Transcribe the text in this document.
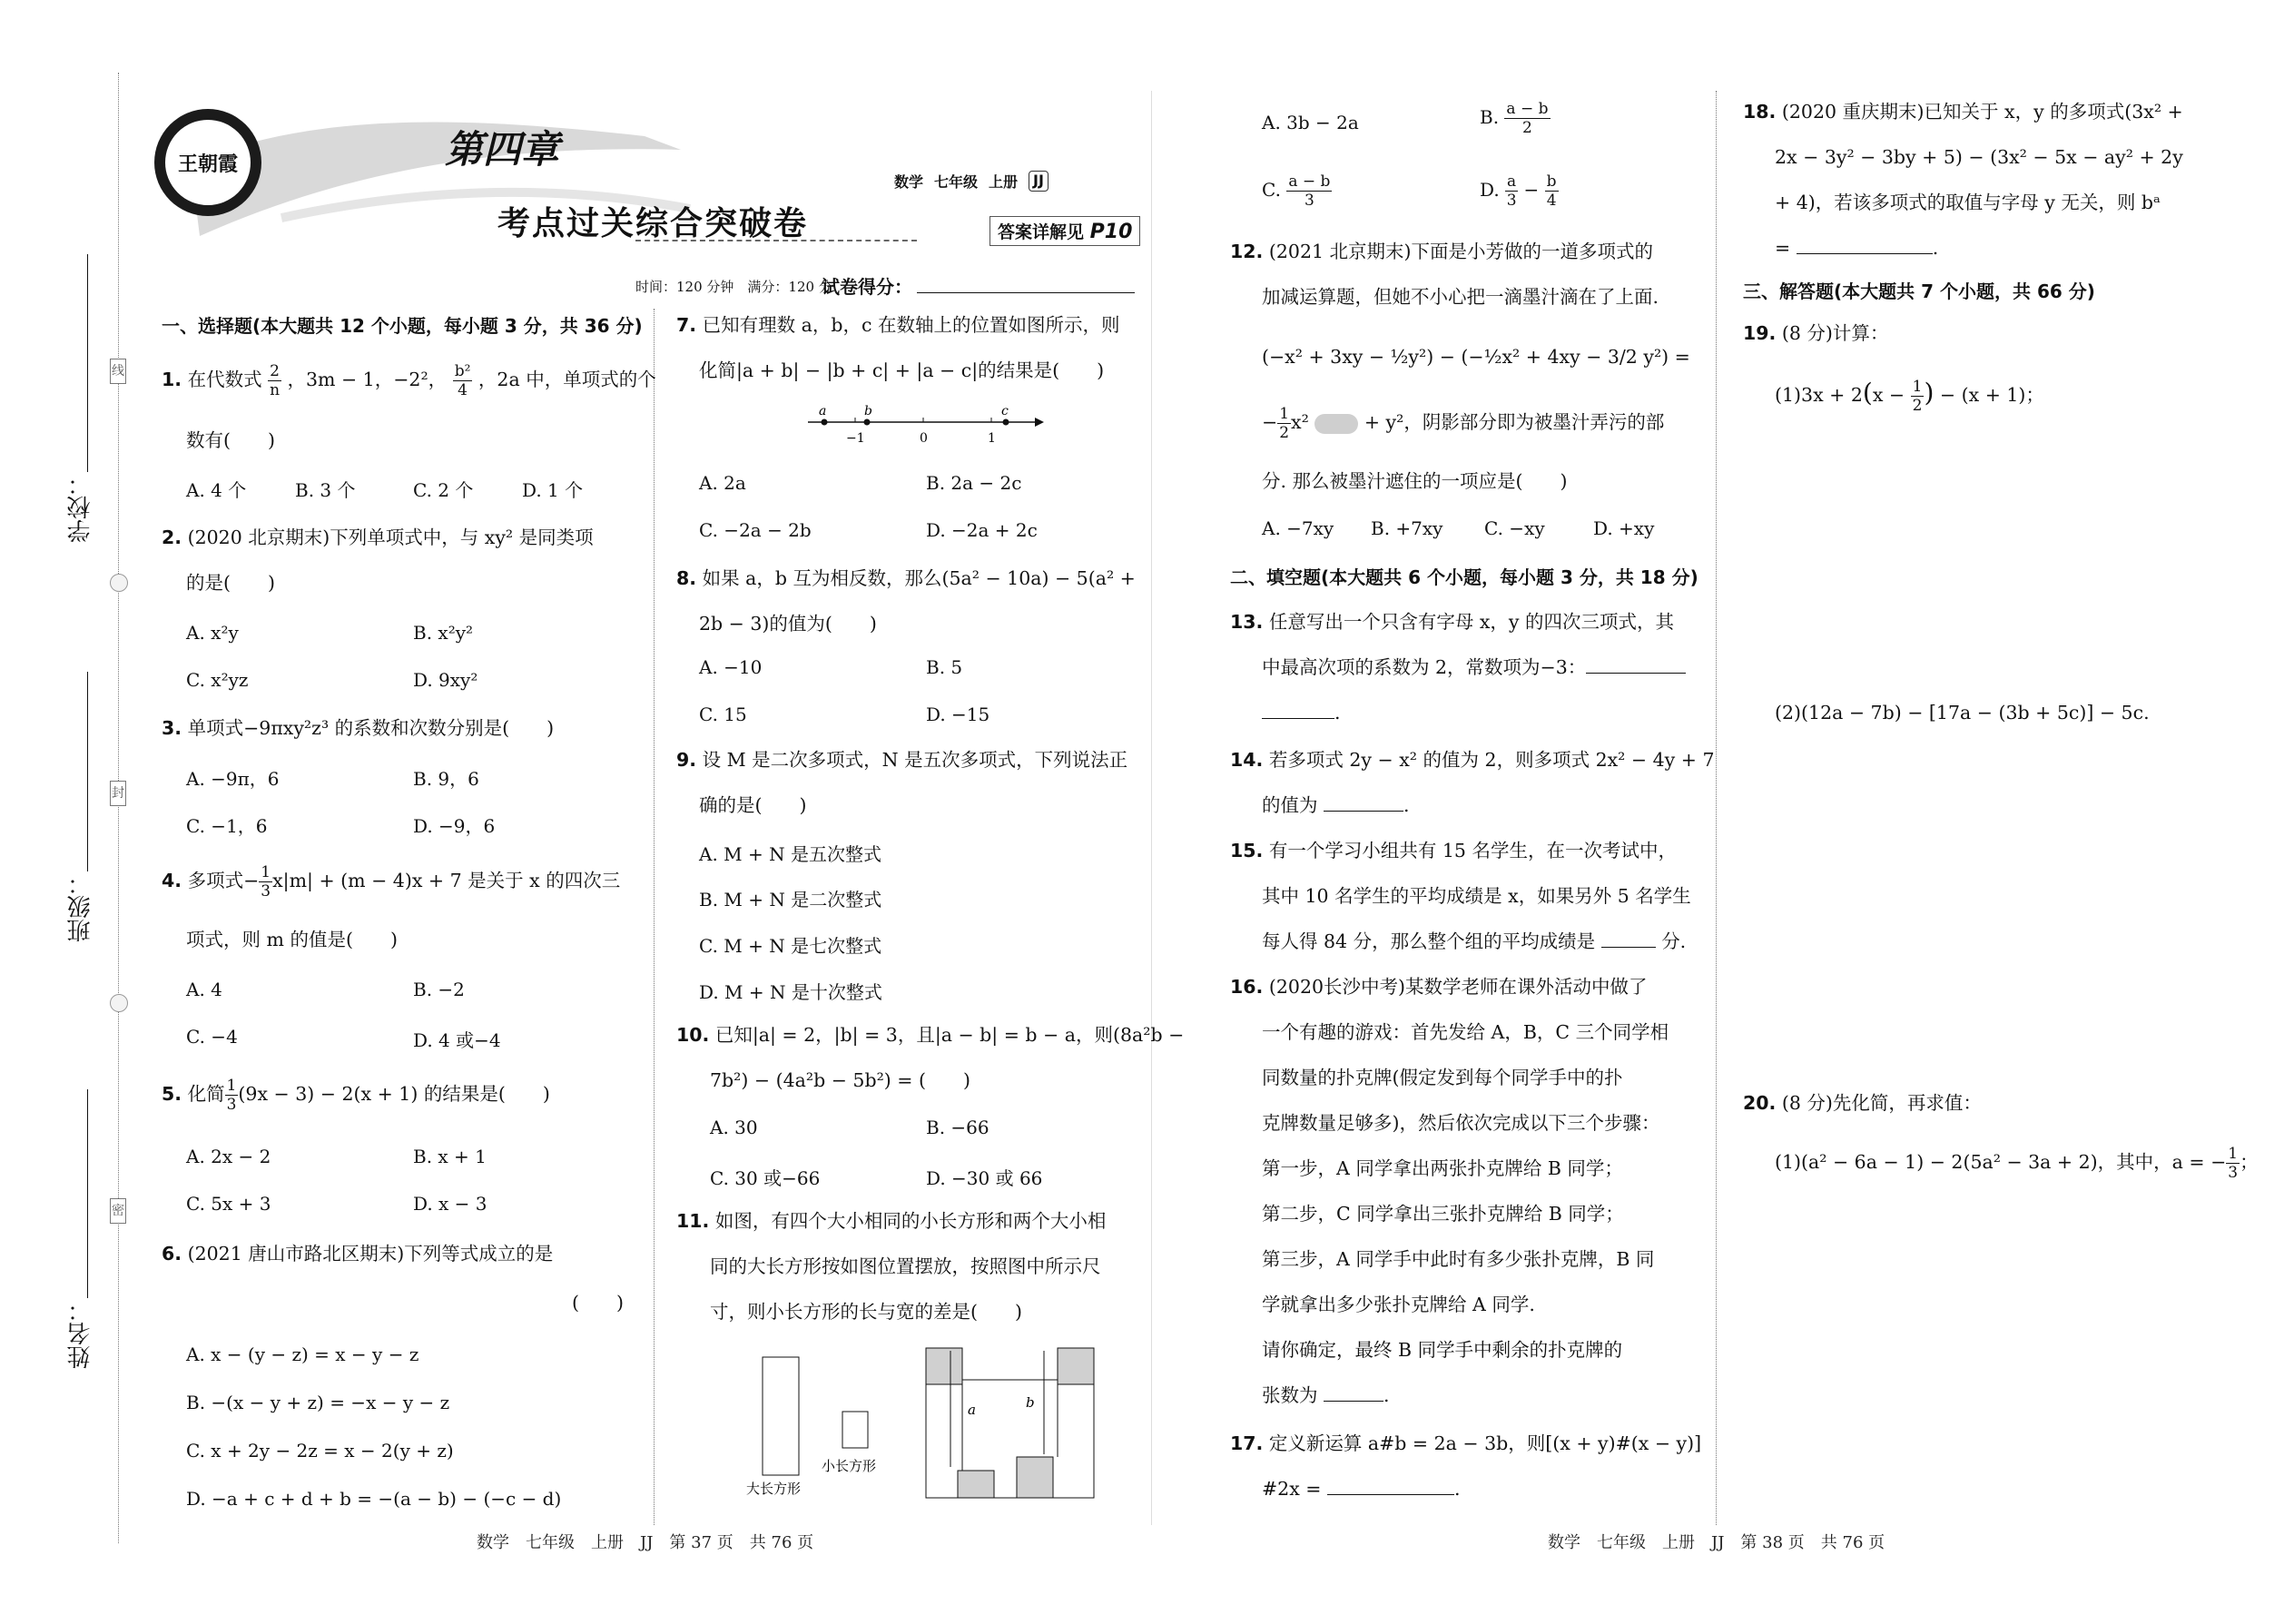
学校：
班级：
姓名：
线
封
密
王朝霞	第四章
考点过关综合突破卷
数学 七年级 上册	JJ
答案详解见 P10
时间：120 分钟　满分：120 分
试卷得分：
一、选择题(本大题共 12 个小题，每小题 3 分，共 36 分)
1. 在代数式 $\frac{2}{n}$ ，3m − 1，−2²， $\frac{\text{b²}}{4}$ ，2a 中，单项式的个
数有(　　)
A. 4 个	B. 3 个	C. 2 个	D. 1 个
2. (2020 北京期末)下列单项式中，与 xy² 是同类项
的是(　　)
A. x²y	B. x²y²
C. x²yz	D. 9xy²
3. 单项式−9πxy²z³ 的系数和次数分别是(　　)
A. −9π，6	B. 9，6
C. −1，6	D. −9，6
4. 多项式− $\frac{1}{3} x|m| + (m - 4)x + 7$ 是关于 x 的四次三
项式，则 m 的值是(　　)
A. 4	B. −2
C. −4	D. 4 或−4
5. 化简 $\frac{1}{3} (9x - 3) - 2(x + 1)$ 的结果是(　　)
A. 2x − 2	B. x + 1
C. 5x + 3	D. x − 3
6. (2021 唐山市路北区期末)下列等式成立的是
(　　)
A. x − (y − z) = x − y − z
B. −(x − y + z) = −x − y − z
C. x + 2y − 2z = x − 2(y + z)
D. −a + c + d + b = −(a − b) − (−c − d)
7. 已知有理数 a，b，c 在数轴上的位置如图所示，则
化简|a + b| − |b + c| + |a − c|的结果是(　　)
a	b	c
−1	0	1
A. 2a	B. 2a − 2c
C. −2a − 2b	D. −2a + 2c
8. 如果 a，b 互为相反数，那么(5a² − 10a) − 5(a² +
2b − 3)的值为(　　)
A. −10	B. 5
C. 15	D. −15
9. 设 M 是二次多项式，N 是五次多项式，下列说法正
确的是(　　)
A. M + N 是五次整式
B. M + N 是二次整式
C. M + N 是七次整式
D. M + N 是十次整式
10. 已知|a| = 2，|b| = 3，且|a − b| = b − a，则(8a²b −
7b²) − (4a²b − 5b²) = (　　)
A. 30	B. −66
C. 30 或−66	D. −30 或 66
11. 如图，有四个大小相同的小长方形和两个大小相
同的大长方形按如图位置摆放，按照图中所示尺
寸，则小长方形的长与宽的差是(　　)
大长方形
小长方形
a	b
数学　七年级　上册　JJ　第 37 页　共 76 页
A. 3b − 2a	B. $\frac{a - b}{2}$
C. $\frac{a - b}{3}$	D. $\frac{a}{3} - \frac{b}{4}$
12. (2021 北京期末)下面是小芳做的一道多项式的
加减运算题，但她不小心把一滴墨汁滴在了上面.
(−x² + 3xy − ½y²) − (−½x² + 4xy − 3/2 y²) =
− $\frac{1}{2} x^2$	+ y²，阴影部分即为被墨汁弄污的部
分. 那么被墨汁遮住的一项应是(　　)
A. −7xy B. +7xy C. −xy	D. +xy
二、填空题(本大题共 6 个小题，每小题 3 分，共 18 分)
13. 任意写出一个只含有字母 x，y 的四次三项式，其
中最高次项的系数为 2，常数项为−3：
.
14. 若多项式 2y − x² 的值为 2，则多项式 2x² − 4y + 7
的值为	.
15. 有一个学习小组共有 15 名学生，在一次考试中，
其中 10 名学生的平均成绩是 x，如果另外 5 名学生
每人得 84 分，那么整个组的平均成绩是	分.
16. (2020长沙中考)某数学老师在课外活动中做了
一个有趣的游戏：首先发给 A，B，C 三个同学相
同数量的扑克牌(假定发到每个同学手中的扑
克牌数量足够多)，然后依次完成以下三个步骤：
第一步，A 同学拿出两张扑克牌给 B 同学；
第二步，C 同学拿出三张扑克牌给 B 同学；
第三步，A 同学手中此时有多少张扑克牌，B 同
学就拿出多少张扑克牌给 A 同学.
请你确定，最终 B 同学手中剩余的扑克牌的
张数为	.
17. 定义新运算 a#b = 2a − 3b，则[(x + y)#(x − y)]
#2x =	.
18. (2020 重庆期末)已知关于 x，y 的多项式(3x² +
2x − 3y² − 3by + 5) − (3x² − 5x − ay² + 2y
+ 4)，若该多项式的取值与字母 y 无关，则 bᵃ
=	.
三、解答题(本大题共 7 个小题，共 66 分)
19. (8 分)计算：
$(1)3x + 2(x - \frac{1}{2}$ ) − (x + 1)；
(2)(12a − 7b) − [17a − (3b + 5c)] − 5c.
20. (8 分)先化简，再求值：
(1)(a² − 6a − 1) − 2(5a² − 3a + 2)，其中，a = − $\frac{1}{3}$ ；
数学　七年级　上册　JJ　第 38 页　共 76 页
